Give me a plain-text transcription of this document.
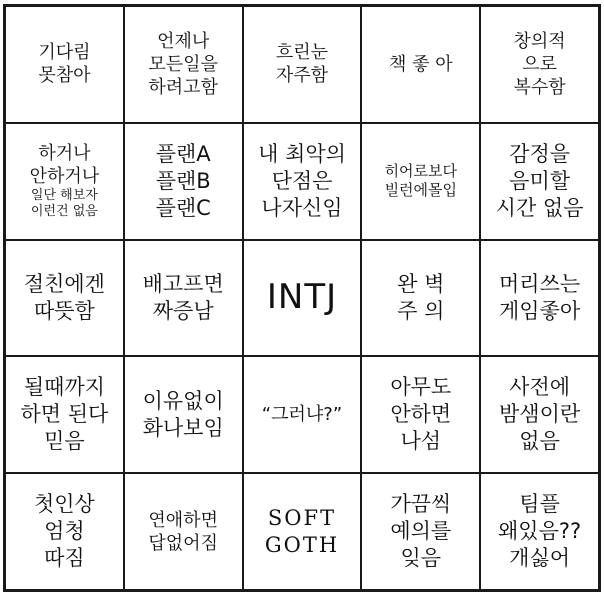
기다림
못참아
언제나
모든일을
하려고함
흐린눈
자주함
책 좋 아
창의적
으로
복수함
하거나
안하거나
일단 해보자
이런건 없음
플랜A
플랜B
플랜C
내 최악의
단점은
나자신임
히어로보다
빌런에몰입
감정을
음미할
시간 없음
절친에겐
따뜻함
배고프면
짜증남 INTJ	완 벽
주 의
머리쓰는
게임좋아
될때까지
하면 된다
믿음
이유없이
화나보임
“그러냐?”
아무도
안하면
나섬
사전에
밤샘이란
없음
첫인상
엄청
따짐
연애하면
답없어짐
SOFT
GOTH
가끔씩
예의를
잊음
팀플
왜있음??
개싫어
